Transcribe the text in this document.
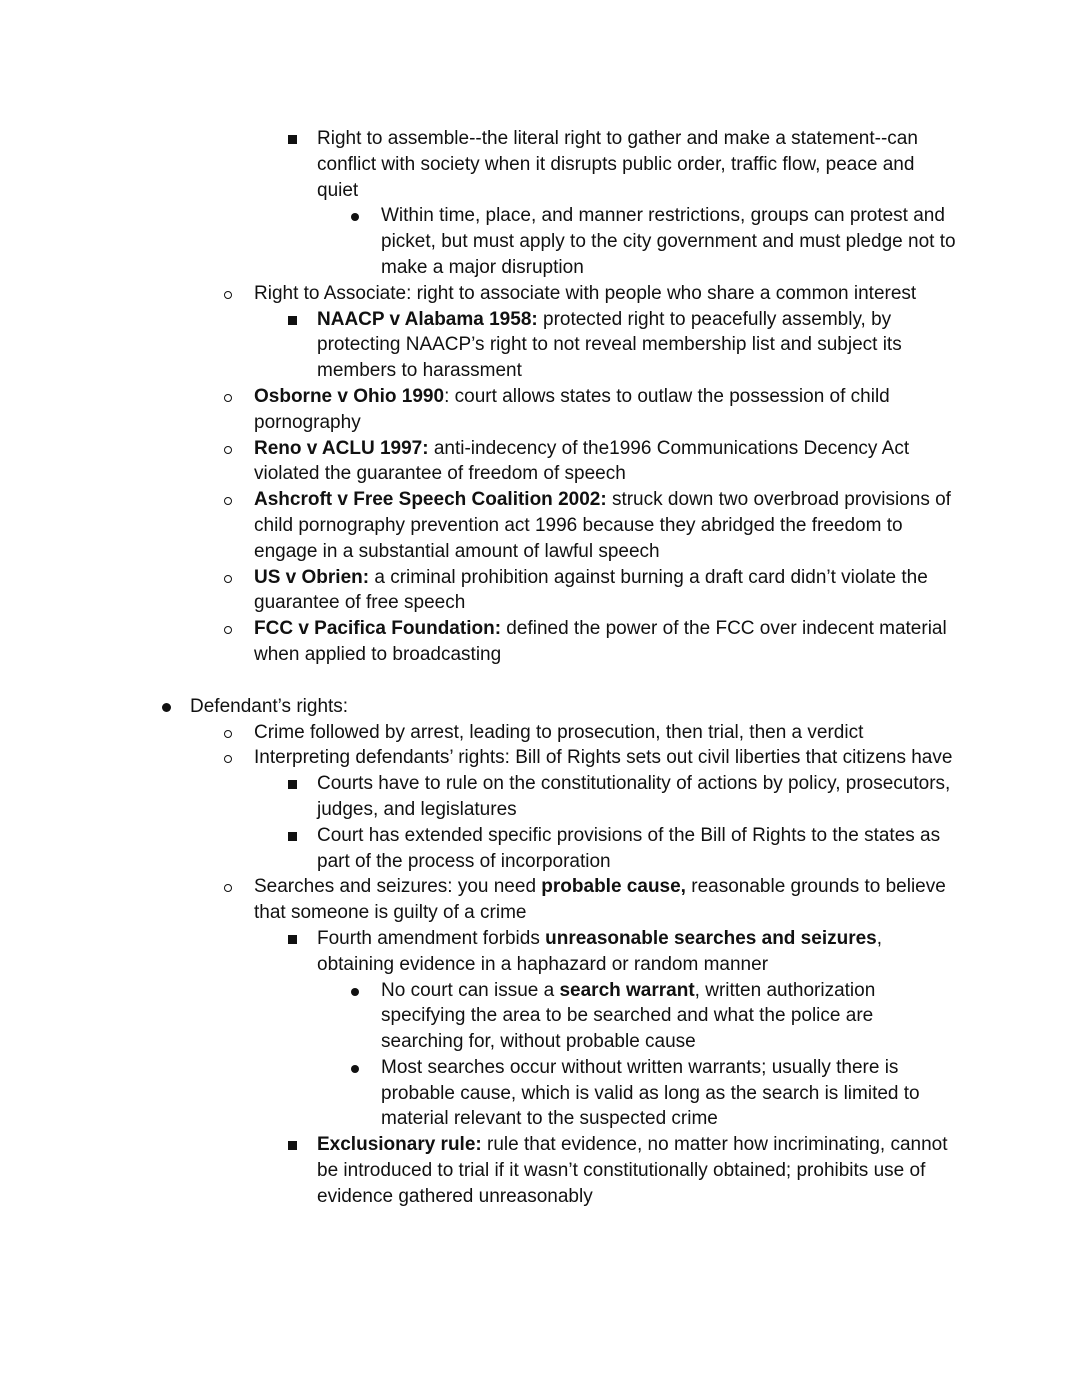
Right to assemble--the literal right to gather and make a statement--can conflict with society when it disrupts public order, traffic flow, peace and quiet
Within time, place, and manner restrictions, groups can protest and picket, but must apply to the city government and must pledge not to make a major disruption
Right to Associate: right to associate with people who share a common interest
NAACP v Alabama 1958: protected right to peacefully assembly, by protecting NAACP’s right to not reveal membership list and subject its members to harassment
Osborne v Ohio 1990: court allows states to outlaw the possession of child pornography
Reno v ACLU 1997: anti-indecency of the1996 Communications Decency Act violated the guarantee of freedom of speech
Ashcroft v Free Speech Coalition 2002: struck down two overbroad provisions of child pornography prevention act 1996 because they abridged the freedom to engage in a substantial amount of lawful speech
US v Obrien: a criminal prohibition against burning a draft card didn’t violate the guarantee of free speech
FCC v Pacifica Foundation: defined the power of the FCC over indecent material when applied to broadcasting
Defendant’s rights:
Crime followed by arrest, leading to prosecution, then trial, then a verdict
Interpreting defendants’ rights: Bill of Rights sets out civil liberties that citizens have
Courts have to rule on the constitutionality of actions by policy, prosecutors, judges, and legislatures
Court has extended specific provisions of the Bill of Rights to the states as part of the process of incorporation
Searches and seizures: you need probable cause, reasonable grounds to believe that someone is guilty of a crime
Fourth amendment forbids unreasonable searches and seizures, obtaining evidence in a haphazard or random manner
No court can issue a search warrant, written authorization specifying the area to be searched and what the police are searching for, without probable cause
Most searches occur without written warrants; usually there is probable cause, which is valid as long as the search is limited to material relevant to the suspected crime
Exclusionary rule: rule that evidence, no matter how incriminating, cannot be introduced to trial if it wasn’t constitutionally obtained; prohibits use of evidence gathered unreasonably
